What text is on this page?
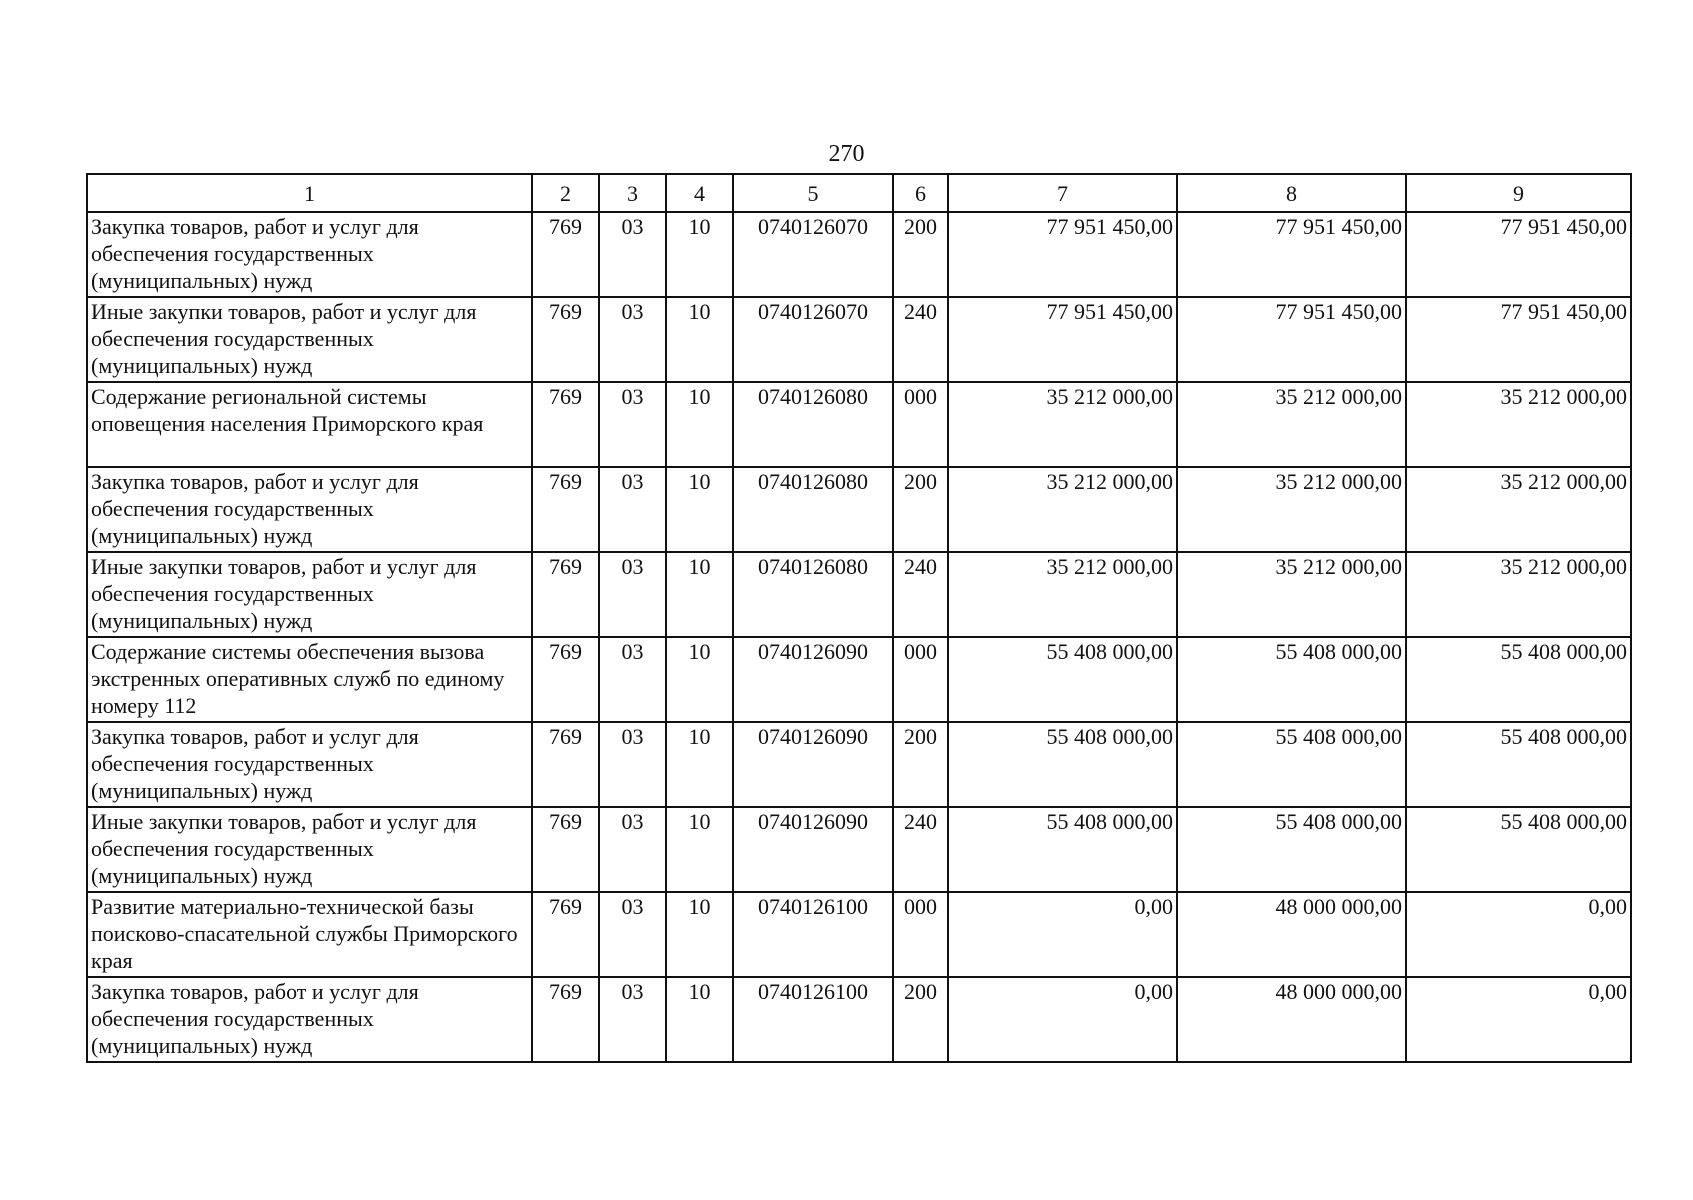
270
1	2	3	4	5	6	7	8	9
Закупка товаров, работ и услуг для обеспечения государственных (муниципальных) нужд	769	03	10	0740126070	200	77 951 450,00	77 951 450,00	77 951 450,00
Иные закупки товаров, работ и услуг для обеспечения государственных (муниципальных) нужд	769	03	10	0740126070	240	77 951 450,00	77 951 450,00	77 951 450,00
Содержание региональной системы оповещения населения Приморского края	769	03	10	0740126080	000	35 212 000,00	35 212 000,00	35 212 000,00
Закупка товаров, работ и услуг для обеспечения государственных (муниципальных) нужд	769	03	10	0740126080	200	35 212 000,00	35 212 000,00	35 212 000,00
Иные закупки товаров, работ и услуг для обеспечения государственных (муниципальных) нужд	769	03	10	0740126080	240	35 212 000,00	35 212 000,00	35 212 000,00
Содержание системы обеспечения вызова экстренных оперативных служб по единому номеру 112	769	03	10	0740126090	000	55 408 000,00	55 408 000,00	55 408 000,00
Закупка товаров, работ и услуг для обеспечения государственных (муниципальных) нужд	769	03	10	0740126090	200	55 408 000,00	55 408 000,00	55 408 000,00
Иные закупки товаров, работ и услуг для обеспечения государственных (муниципальных) нужд	769	03	10	0740126090	240	55 408 000,00	55 408 000,00	55 408 000,00
Развитие материально-технической базы поисково-спасательной службы Приморского края	769	03	10	0740126100	000	0,00	48 000 000,00	0,00
Закупка товаров, работ и услуг для обеспечения государственных (муниципальных) нужд	769	03	10	0740126100	200	0,00	48 000 000,00	0,00
